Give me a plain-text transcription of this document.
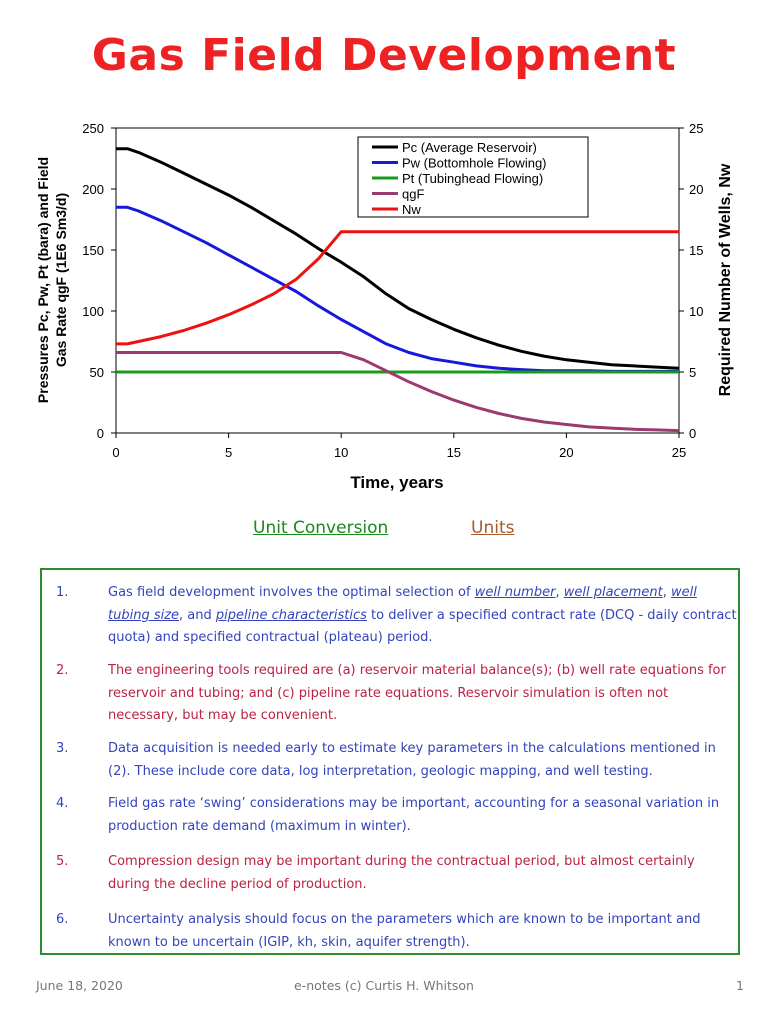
Gas Field Development
0	5	10	15	20	25
0
50
100
150
200
250
0
5
10
15
20
25
Pc (Average Reservoir)
Pw (Bottomhole Flowing)
Pt (Tubinghead Flowing)
qgF
Nw
Time, years
Pressures Pc, Pw, Pt (bara) and Field Gas Rate qgF (1E6 Sm3/d)	Required Number of Wells, Nw
Unit Conversion	Units
1.	Gas field development involves the optimal selection of well number, well placement, well tubing size, and pipeline characteristics to deliver a specified contract rate (DCQ - daily contract quota) and specified contractual (plateau) period.
2.	The engineering tools required are (a) reservoir material balance(s); (b) well rate equations for reservoir and tubing; and (c) pipeline rate equations. Reservoir simulation is often not necessary, but may be convenient.
3.	Data acquisition is needed early to estimate key parameters in the calculations mentioned in (2). These include core data, log interpretation, geologic mapping, and well testing.
4.	Field gas rate ‘swing’ considerations may be important, accounting for a seasonal variation in production rate demand (maximum in winter).
5.	Compression design may be important during the contractual period, but almost certainly during the decline period of production.
6.	Uncertainty analysis should focus on the parameters which are known to be important and known to be uncertain (IGIP, kh, skin, aquifer strength).
June 18, 2020	e-notes (c) Curtis H. Whitson	1
